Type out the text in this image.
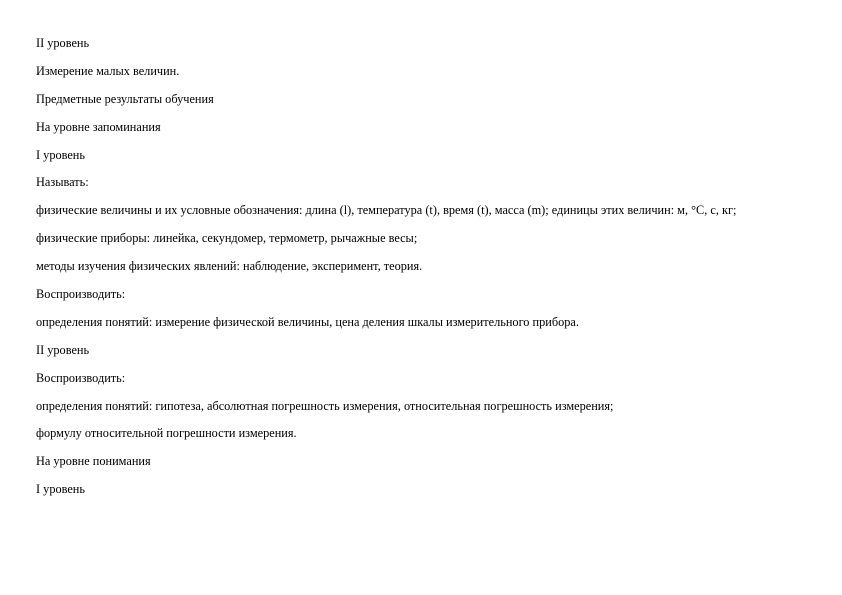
II уровень

Измерение малых величин.

Предметные результаты обучения

На уровне запоминания

I уровень

Называть:

физические величины и их условные обозначения: длина (l), температура (t), время (t), масса (m); единицы этих величин: м, °С, с, кг;

физические приборы: линейка, секундомер, термометр, рычажные весы;

методы изучения физических явлений: наблюдение, эксперимент, теория.

Воспроизводить:

определения понятий: измерение физической величины, цена деления шкалы измерительного прибора.

II уровень

Воспроизводить:

определения понятий: гипотеза, абсолютная погрешность измерения, относительная погрешность измерения;

формулу относительной погрешности измерения.

На уровне понимания

I уровень
